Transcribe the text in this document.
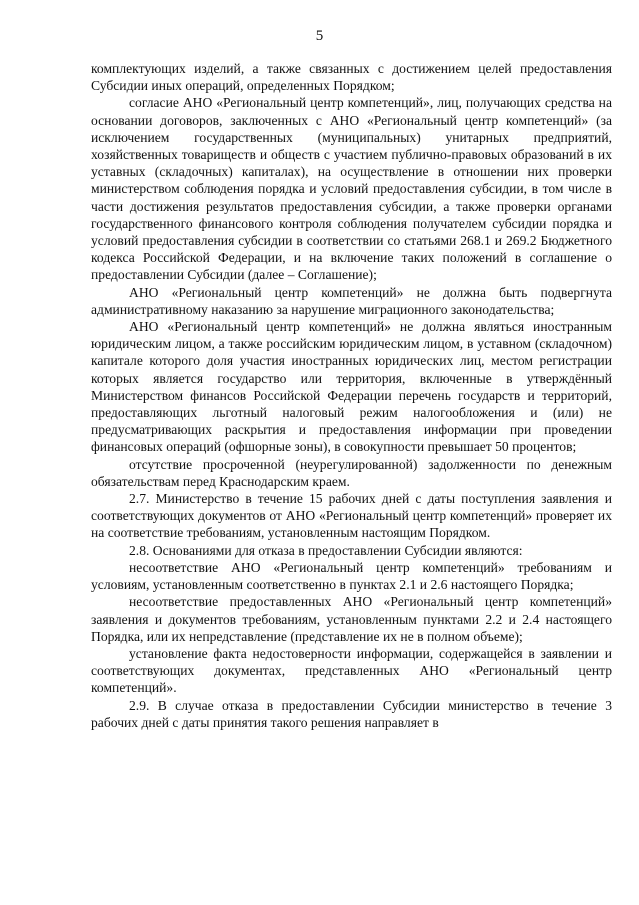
5

комплектующих изделий, а также связанных с достижением целей предоставления Субсидии иных операций, определенных Порядком;

согласие АНО «Региональный центр компетенций», лиц, получающих средства на основании договоров, заключенных с АНО «Региональный центр компетенций» (за исключением государственных (муниципальных) унитарных предприятий, хозяйственных товариществ и обществ с участием публично-правовых образований в их уставных (складочных) капиталах), на осуществление в отношении них проверки министерством соблюдения порядка и условий предоставления субсидии, в том числе в части достижения результатов предоставления субсидии, а также проверки органами государственного финансового контроля соблюдения получателем субсидии порядка и условий предоставления субсидии в соответствии со статьями 268.1 и 269.2 Бюджетного кодекса Российской Федерации, и на включение таких положений в соглашение о предоставлении Субсидии (далее – Соглашение);

АНО «Региональный центр компетенций» не должна быть подвергнута административному наказанию за нарушение миграционного законодательства;

АНО «Региональный центр компетенций» не должна являться иностранным юридическим лицом, а также российским юридическим лицом, в уставном (складочном) капитале которого доля участия иностранных юридических лиц, местом регистрации которых является государство или территория, включенные в утверждённый Министерством финансов Российской Федерации перечень государств и территорий, предоставляющих льготный налоговый режим налогообложения и (или) не предусматривающих раскрытия и предоставления информации при проведении финансовых операций (офшорные зоны), в совокупности превышает 50 процентов;

отсутствие просроченной (неурегулированной) задолженности по денежным обязательствам перед Краснодарским краем.

2.7. Министерство в течение 15 рабочих дней с даты поступления заявления и соответствующих документов от АНО «Региональный центр компетенций» проверяет их на соответствие требованиям, установленным настоящим Порядком.

2.8. Основаниями для отказа в предоставлении Субсидии являются:

несоответствие АНО «Региональный центр компетенций» требованиям и условиям, установленным соответственно в пунктах 2.1 и 2.6 настоящего Порядка;

несоответствие предоставленных АНО «Региональный центр компетенций» заявления и документов требованиям, установленным пунктами 2.2 и 2.4 настоящего Порядка, или их непредставление (представление их не в полном объеме);

установление факта недостоверности информации, содержащейся в заявлении и соответствующих документах, представленных АНО «Региональный центр компетенций».

2.9. В случае отказа в предоставлении Субсидии министерство в течение 3 рабочих дней с даты принятия такого решения направляет в
